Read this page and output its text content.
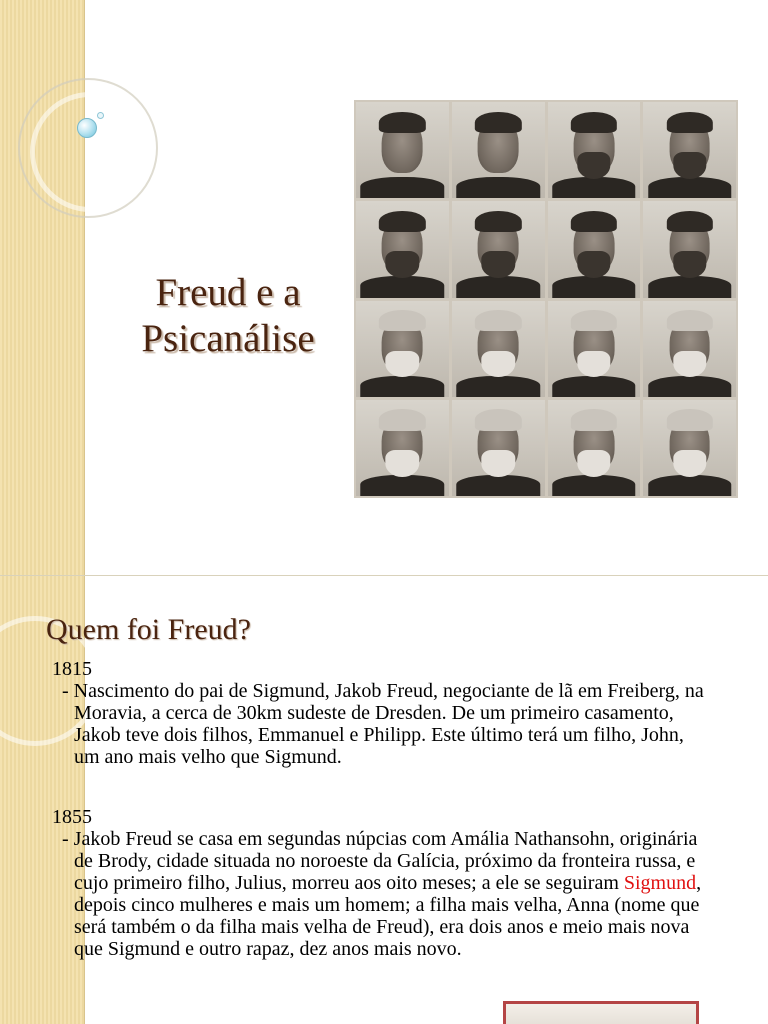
Freud e a
Psicanálise
Quem foi Freud?
1815
- Nascimento do pai de Sigmund, Jakob Freud, negociante de lã em Freiberg, na Moravia, a cerca de 30km sudeste de Dresden. De um primeiro casamento, Jakob teve dois filhos, Emmanuel e Philipp. Este último terá um filho, John, um ano mais velho que Sigmund.
1855
- Jakob Freud se casa em segundas núpcias com Amália Nathansohn, originária de Brody, cidade situada no noroeste da Galícia, próximo da fronteira russa, e cujo primeiro filho, Julius, morreu aos oito meses; a ele se seguiram Sigmund, depois cinco mulheres e mais um homem; a filha mais velha, Anna (nome que será também o da filha mais velha de Freud), era dois anos e meio mais nova que Sigmund e outro rapaz, dez anos mais novo.
